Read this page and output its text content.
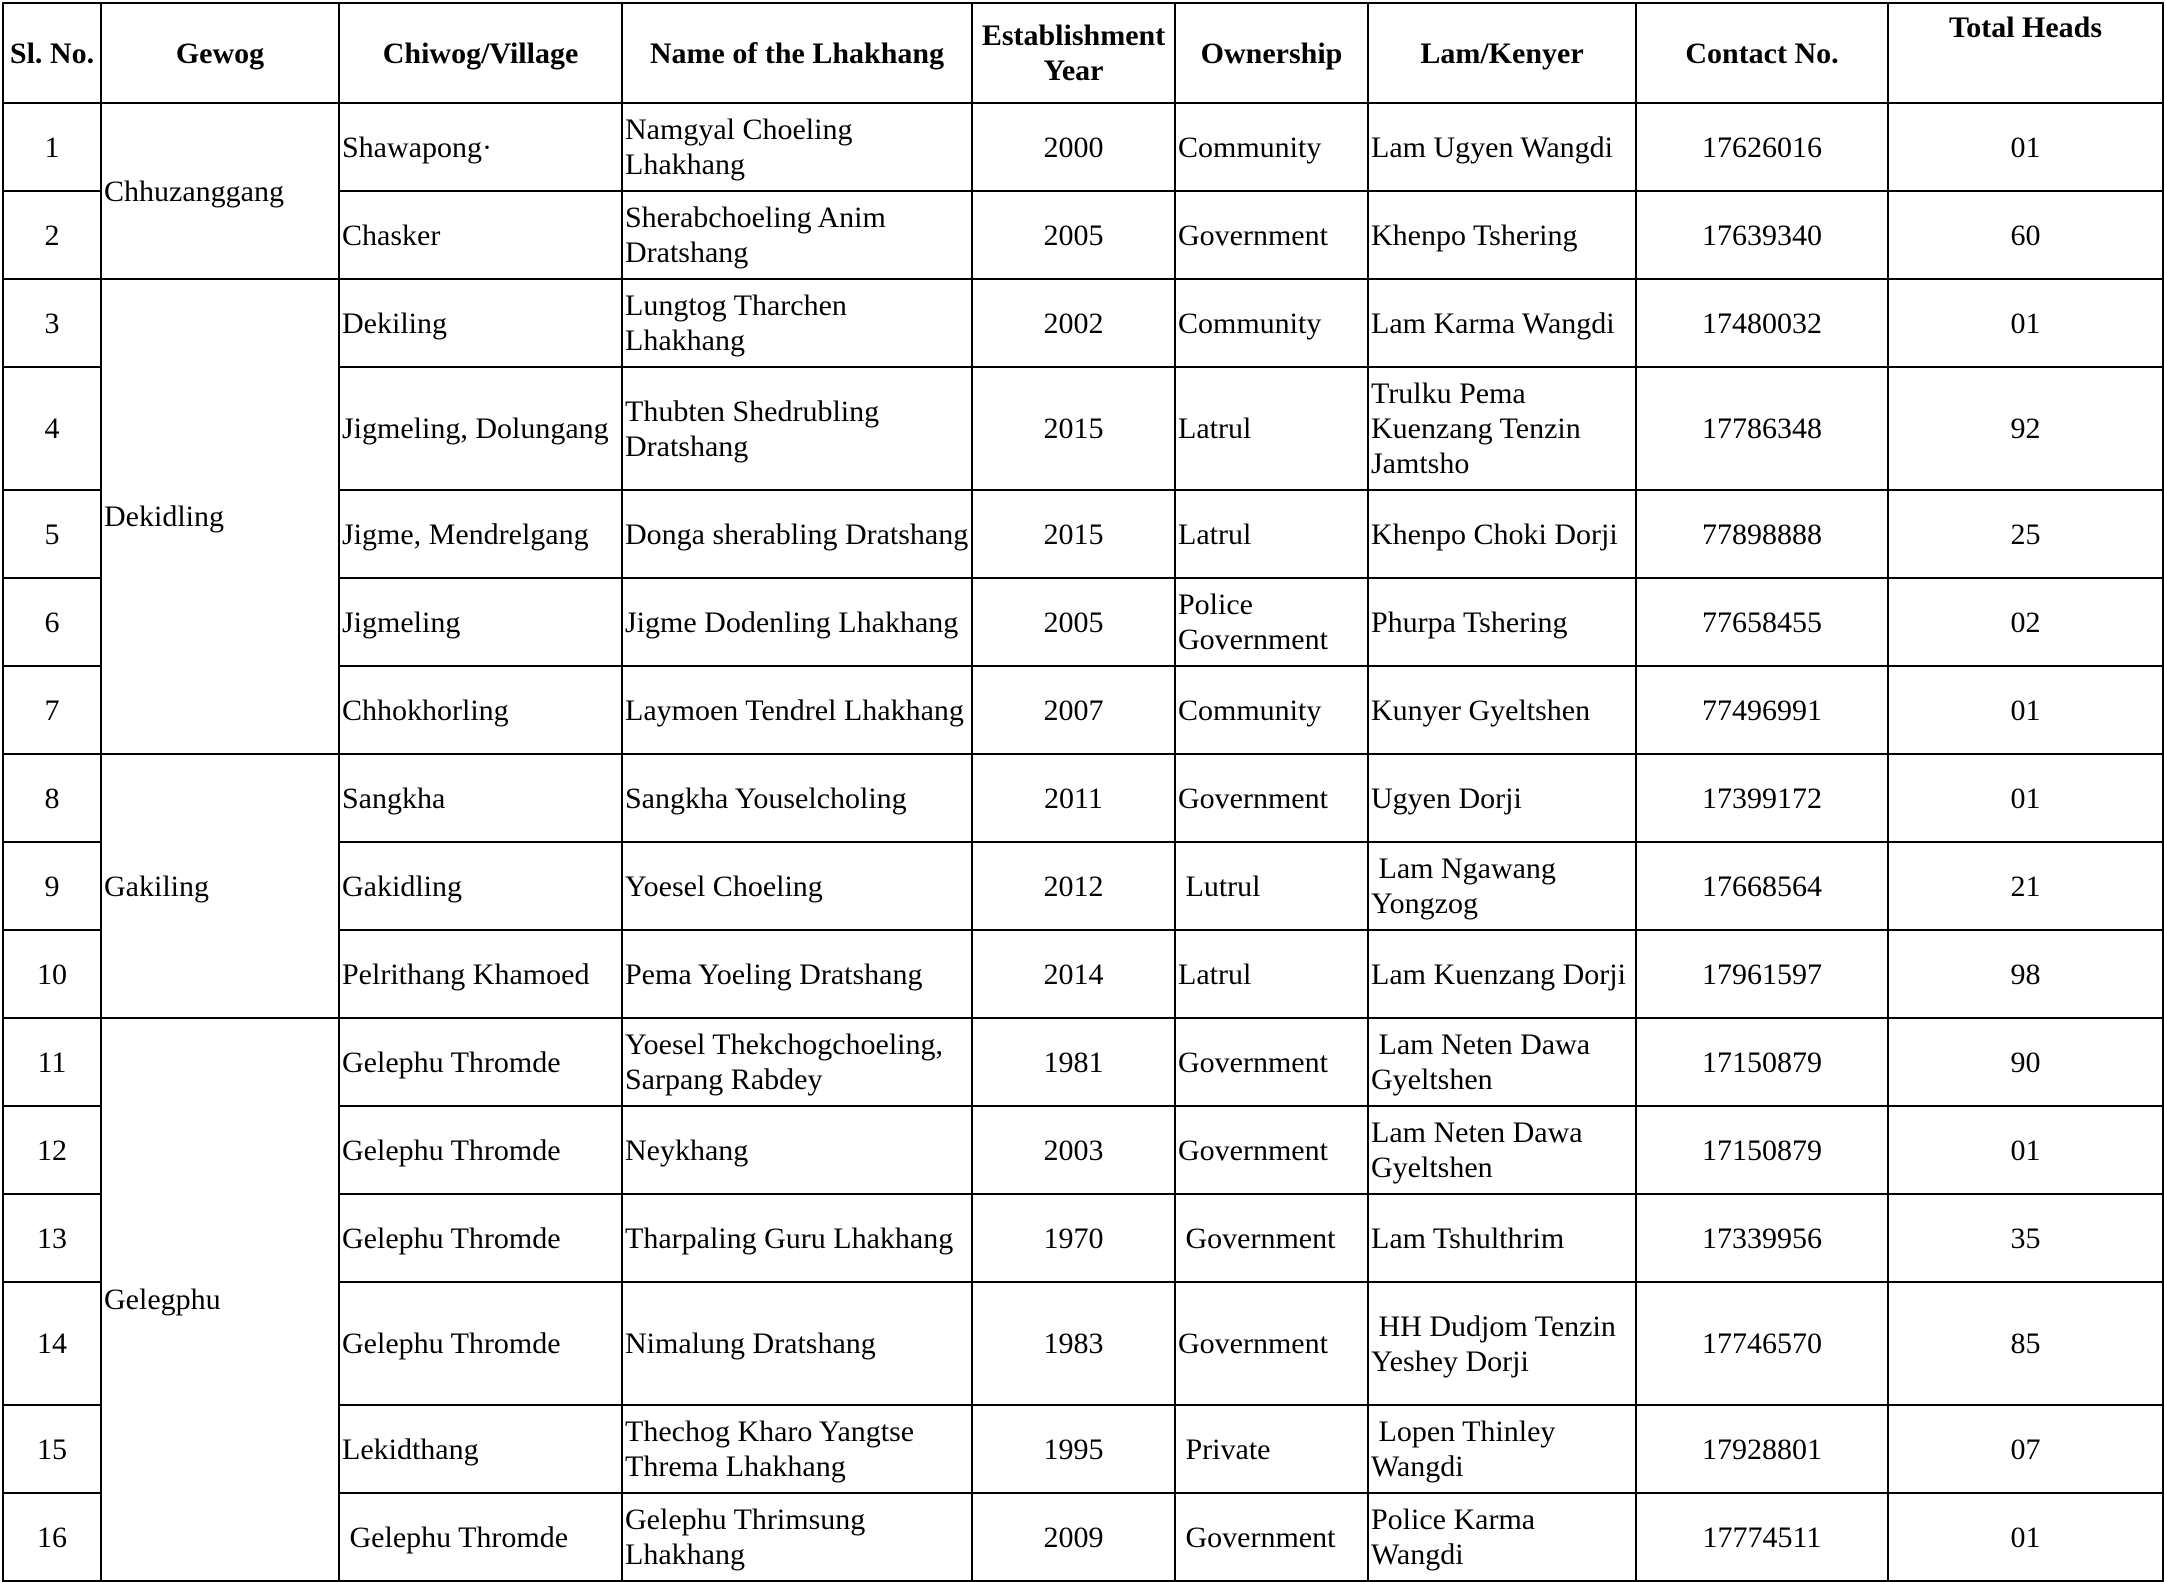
Sl. No.	Gewog	Chiwog/Village	Name of the Lhakhang	Establishment Year	Ownership	Lam/Kenyer	Contact No.	Total Heads
1	Chhuzanggang	Shawapong·	Namgyal Choeling Lhakhang	2000	Community	Lam Ugyen Wangdi	17626016	01
2		Chasker	Sherabchoeling Anim Dratshang	2005	Government	Khenpo Tshering	17639340	60
3	Dekidling	Dekiling	Lungtog Tharchen Lhakhang	2002	Community	Lam Karma Wangdi	17480032	01
4		Jigmeling, Dolungang	Thubten Shedrubling Dratshang	2015	Latrul	Trulku Pema Kuenzang Tenzin Jamtsho	17786348	92
5		Jigme, Mendrelgang	Donga sherabling Dratshang	2015	Latrul	Khenpo Choki Dorji	77898888	25
6		Jigmeling	Jigme Dodenling Lhakhang	2005	Police Government	Phurpa Tshering	77658455	02
7		Chhokhorling	Laymoen Tendrel Lhakhang	2007	Community	Kunyer Gyeltshen	77496991	01
8	Gakiling	Sangkha	Sangkha Youselcholing	2011	Government	Ugyen Dorji	17399172	01
9		Gakidling	Yoesel Choeling	2012	Lutrul	Lam Ngawang Yongzog	17668564	21
10		Pelrithang Khamoed	Pema Yoeling Dratshang	2014	Latrul	Lam Kuenzang Dorji	17961597	98
11	Gelegphu	Gelephu Thromde	Yoesel Thekchogchoeling, Sarpang Rabdey	1981	Government	Lam Neten Dawa Gyeltshen	17150879	90
12		Gelephu Thromde	Neykhang	2003	Government	Lam Neten Dawa Gyeltshen	17150879	01
13		Gelephu Thromde	Tharpaling Guru Lhakhang	1970	Government	Lam Tshulthrim	17339956	35
14		Gelephu Thromde	Nimalung Dratshang	1983	Government	HH Dudjom Tenzin Yeshey Dorji	17746570	85
15		Lekidthang	Thechog Kharo Yangtse Threma Lhakhang	1995	Private	Lopen Thinley Wangdi	17928801	07
16		Gelephu Thromde	Gelephu Thrimsung Lhakhang	2009	Government	Police Karma Wangdi	17774511	01
